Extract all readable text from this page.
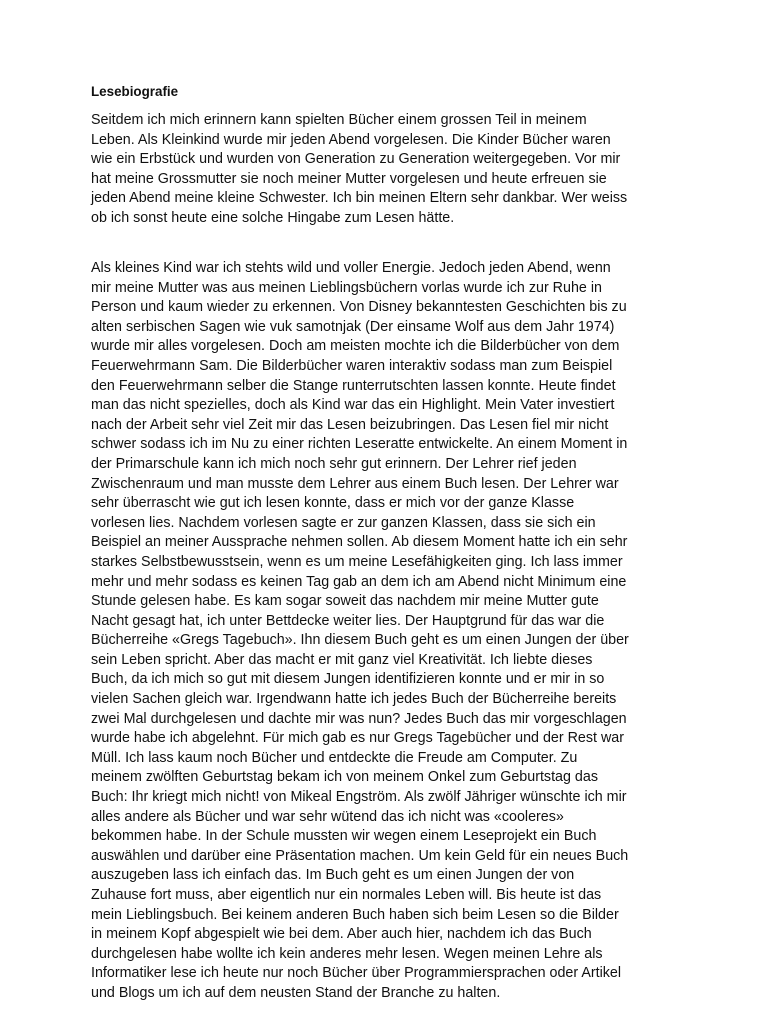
Lesebiografie
Seitdem ich mich erinnern kann spielten Bücher einem grossen Teil in meinem
Leben. Als Kleinkind wurde mir jeden Abend vorgelesen. Die Kinder Bücher waren
wie ein Erbstück und wurden von Generation zu Generation weitergegeben. Vor mir
hat meine Grossmutter sie noch meiner Mutter vorgelesen und heute erfreuen sie
jeden Abend meine kleine Schwester. Ich bin meinen Eltern sehr dankbar. Wer weiss
ob ich sonst heute eine solche Hingabe zum Lesen hätte.
Als kleines Kind war ich stehts wild und voller Energie. Jedoch jeden Abend, wenn
mir meine Mutter was aus meinen Lieblingsbüchern vorlas wurde ich zur Ruhe in
Person und kaum wieder zu erkennen. Von Disney bekanntesten Geschichten bis zu
alten serbischen Sagen wie vuk samotnjak (Der einsame Wolf aus dem Jahr 1974)
wurde mir alles vorgelesen. Doch am meisten mochte ich die Bilderbücher von dem
Feuerwehrmann Sam. Die Bilderbücher waren interaktiv sodass man zum Beispiel
den Feuerwehrmann selber die Stange runterrutschten lassen konnte. Heute findet
man das nicht spezielles, doch als Kind war das ein Highlight. Mein Vater investiert
nach der Arbeit sehr viel Zeit mir das Lesen beizubringen. Das Lesen fiel mir nicht
schwer sodass ich im Nu zu einer richten Leseratte entwickelte. An einem Moment in
der Primarschule kann ich mich noch sehr gut erinnern. Der Lehrer rief jeden
Zwischenraum und man musste dem Lehrer aus einem Buch lesen. Der Lehrer war
sehr überrascht wie gut ich lesen konnte, dass er mich vor der ganze Klasse
vorlesen lies. Nachdem vorlesen sagte er zur ganzen Klassen, dass sie sich ein
Beispiel an meiner Aussprache nehmen sollen. Ab diesem Moment hatte ich ein sehr
starkes Selbstbewusstsein, wenn es um meine Lesefähigkeiten ging. Ich lass immer
mehr und mehr sodass es keinen Tag gab an dem ich am Abend nicht Minimum eine
Stunde gelesen habe. Es kam sogar soweit das nachdem mir meine Mutter gute
Nacht gesagt hat, ich unter Bettdecke weiter lies. Der Hauptgrund für das war die
Bücherreihe «Gregs Tagebuch». Ihn diesem Buch geht es um einen Jungen der über
sein Leben spricht. Aber das macht er mit ganz viel Kreativität. Ich liebte dieses
Buch, da ich mich so gut mit diesem Jungen identifizieren konnte und er mir in so
vielen Sachen gleich war. Irgendwann hatte ich jedes Buch der Bücherreihe bereits
zwei Mal durchgelesen und dachte mir was nun? Jedes Buch das mir vorgeschlagen
wurde habe ich abgelehnt. Für mich gab es nur Gregs Tagebücher und der Rest war
Müll. Ich lass kaum noch Bücher und entdeckte die Freude am Computer. Zu
meinem zwölften Geburtstag bekam ich von meinem Onkel zum Geburtstag das
Buch: Ihr kriegt mich nicht! von Mikeal Engström. Als zwölf Jähriger wünschte ich mir
alles andere als Bücher und war sehr wütend das ich nicht was «cooleres»
bekommen habe. In der Schule mussten wir wegen einem Leseprojekt ein Buch
auswählen und darüber eine Präsentation machen. Um kein Geld für ein neues Buch
auszugeben lass ich einfach das. Im Buch geht es um einen Jungen der von
Zuhause fort muss, aber eigentlich nur ein normales Leben will. Bis heute ist das
mein Lieblingsbuch. Bei keinem anderen Buch haben sich beim Lesen so die Bilder
in meinem Kopf abgespielt wie bei dem. Aber auch hier, nachdem ich das Buch
durchgelesen habe wollte ich kein anderes mehr lesen. Wegen meinen Lehre als
Informatiker lese ich heute nur noch Bücher über Programmiersprachen oder Artikel
und Blogs um ich auf dem neusten Stand der Branche zu halten.
